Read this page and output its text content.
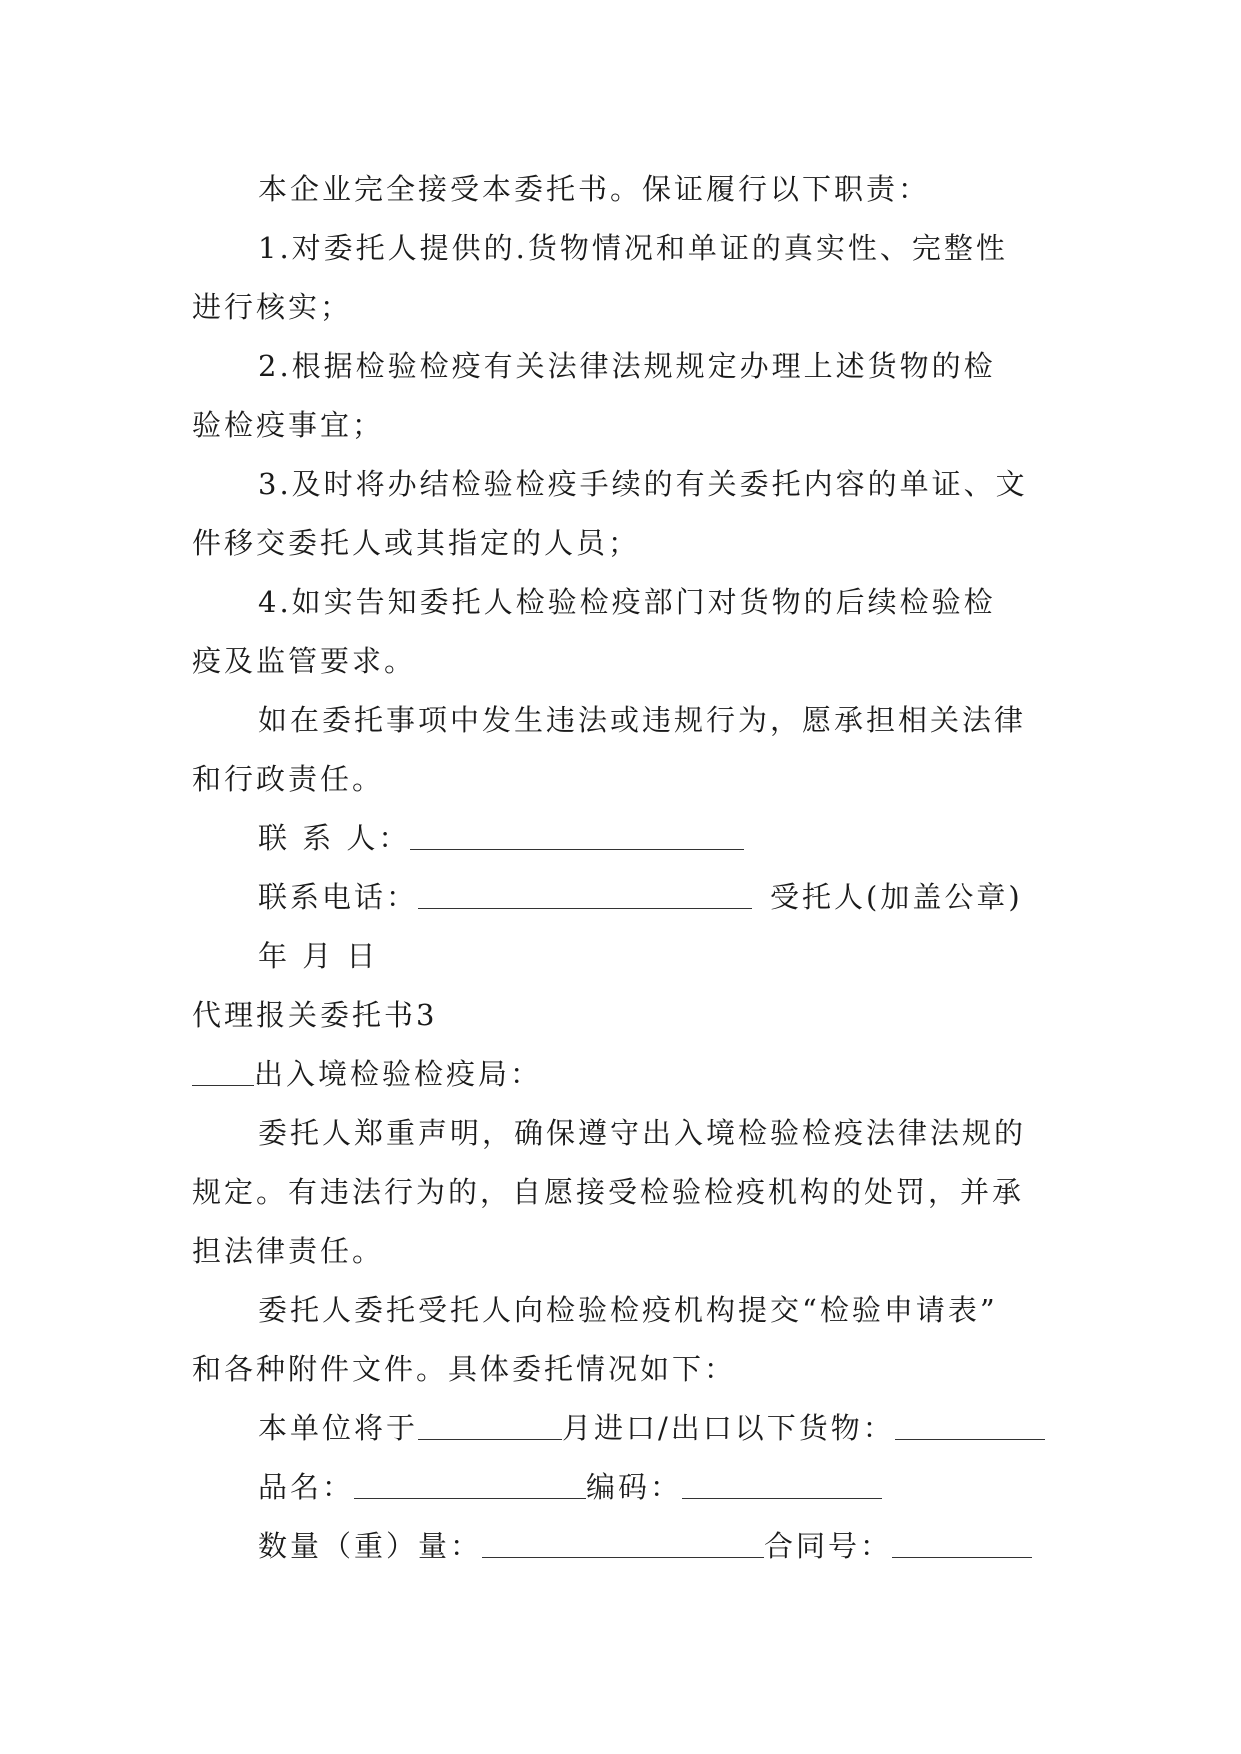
本企业完全接受本委托书。保证履行以下职责：
1.对委托人提供的.货物情况和单证的真实性、完整性
进行核实；
2.根据检验检疫有关法律法规规定办理上述货物的检
验检疫事宜；
3.及时将办结检验检疫手续的有关委托内容的单证、文
件移交委托人或其指定的人员；
4.如实告知委托人检验检疫部门对货物的后续检验检
疫及监管要求。
如在委托事项中发生违法或违规行为，愿承担相关法律
和行政责任。
联 系 人：
联系电话：	受托人(加盖公章)
年 月 日
代理报关委托书3
出入境检验检疫局：
委托人郑重声明，确保遵守出入境检验检疫法律法规的
规定。有违法行为的，自愿接受检验检疫机构的处罚，并承
担法律责任。
委托人委托受托人向检验检疫机构提交“检验申请表”
和各种附件文件。具体委托情况如下：
本单位将于	月进口/出口以下货物：
品名：	编码：
数量（重）量：	合同号：
